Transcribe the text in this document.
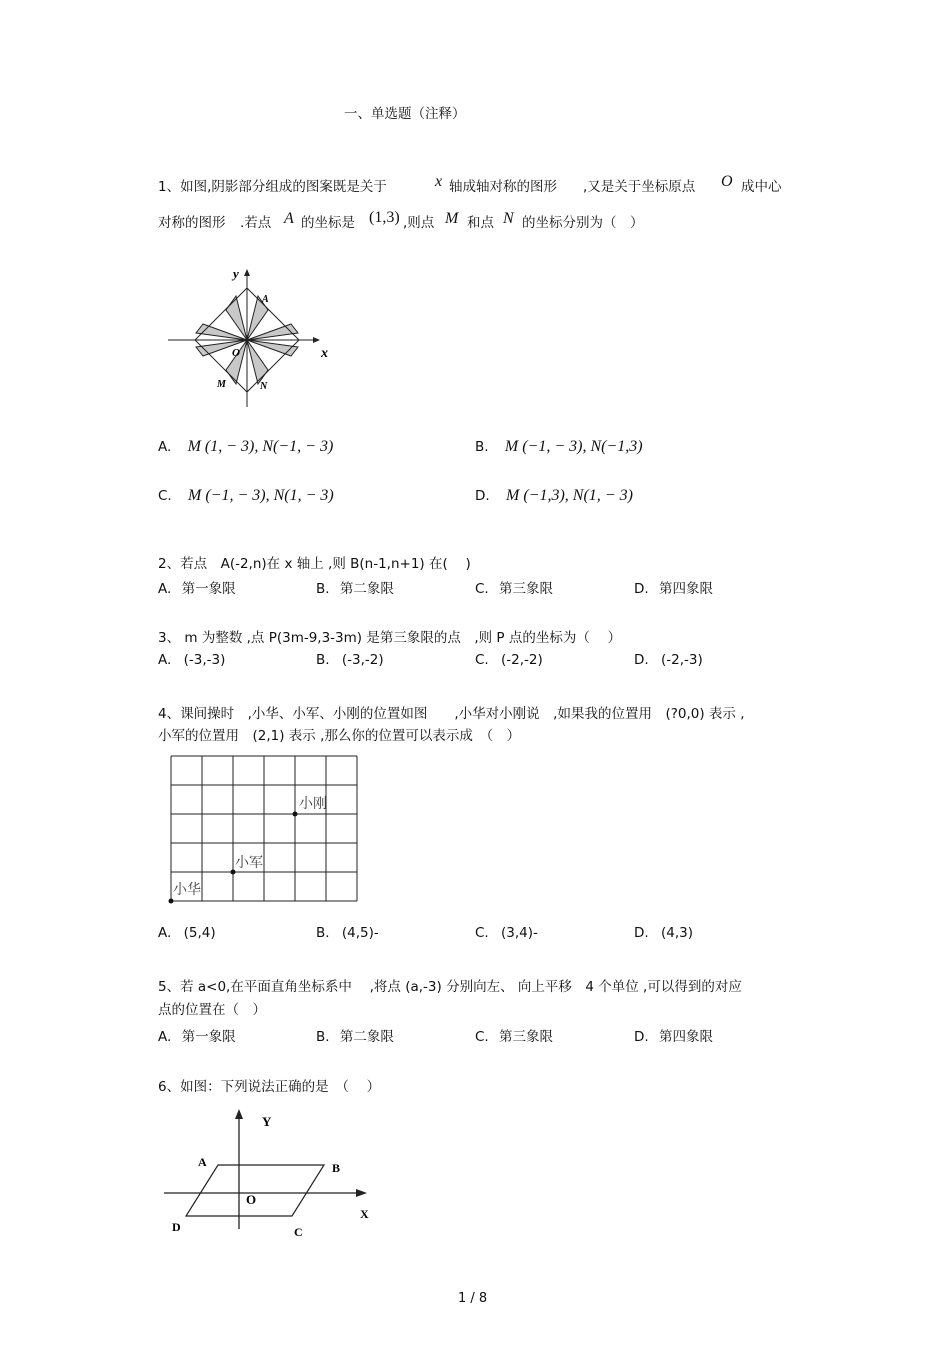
一、单选题（注释）
1、如图,阴影部分组成的图案既是关于	x 轴成轴对称的图形 ,又是关于坐标原点 O 成中心
对称的图形 .若点 A 的坐标是 (1,3) ,则点 M 和点 N 的坐标分别为（　）
y
x
O
A
M	N
A. M (1, − 3), N(−1, − 3)	B. M (−1, − 3), N(−1,3)
C. M (−1, − 3), N(1, − 3)	D. M (−1,3), N(1, − 3)
2、若点　A(-2,n)在 x 轴上 ,则 B(n-1,n+1) 在(　 )
A. 第一象限	B. 第二象限	C. 第三象限	D. 第四象限
3、 m 为整数 ,点 P(3m-9,3-3m) 是第三象限的点　,则 P 点的坐标为（　 ）
A. (-3,-3)	B. (-3,-2)	C. (-2,-2)	D. (-2,-3)
4、课间操时　,小华、小军、小刚的位置如图　　,小华对小刚说　,如果我的位置用　(?0,0) 表示 ,
小军的位置用　(2,1) 表示 ,那么你的位置可以表示成　（　）
小华
小军
小刚
A. (5,4)	B. (4,5)-	C. (3,4)-	D. (4,3)
5、若 a<0,在平面直角坐标系中　 ,将点 (a,-3) 分别向左、 向上平移　4 个单位 ,可以得到的对应
点的位置在（　）
A. 第一象限	B. 第二象限	C. 第三象限	D. 第四象限
6、如图：下列说法正确的是　（　 ）
Y
X
O
A	B
C
D
1 / 8
